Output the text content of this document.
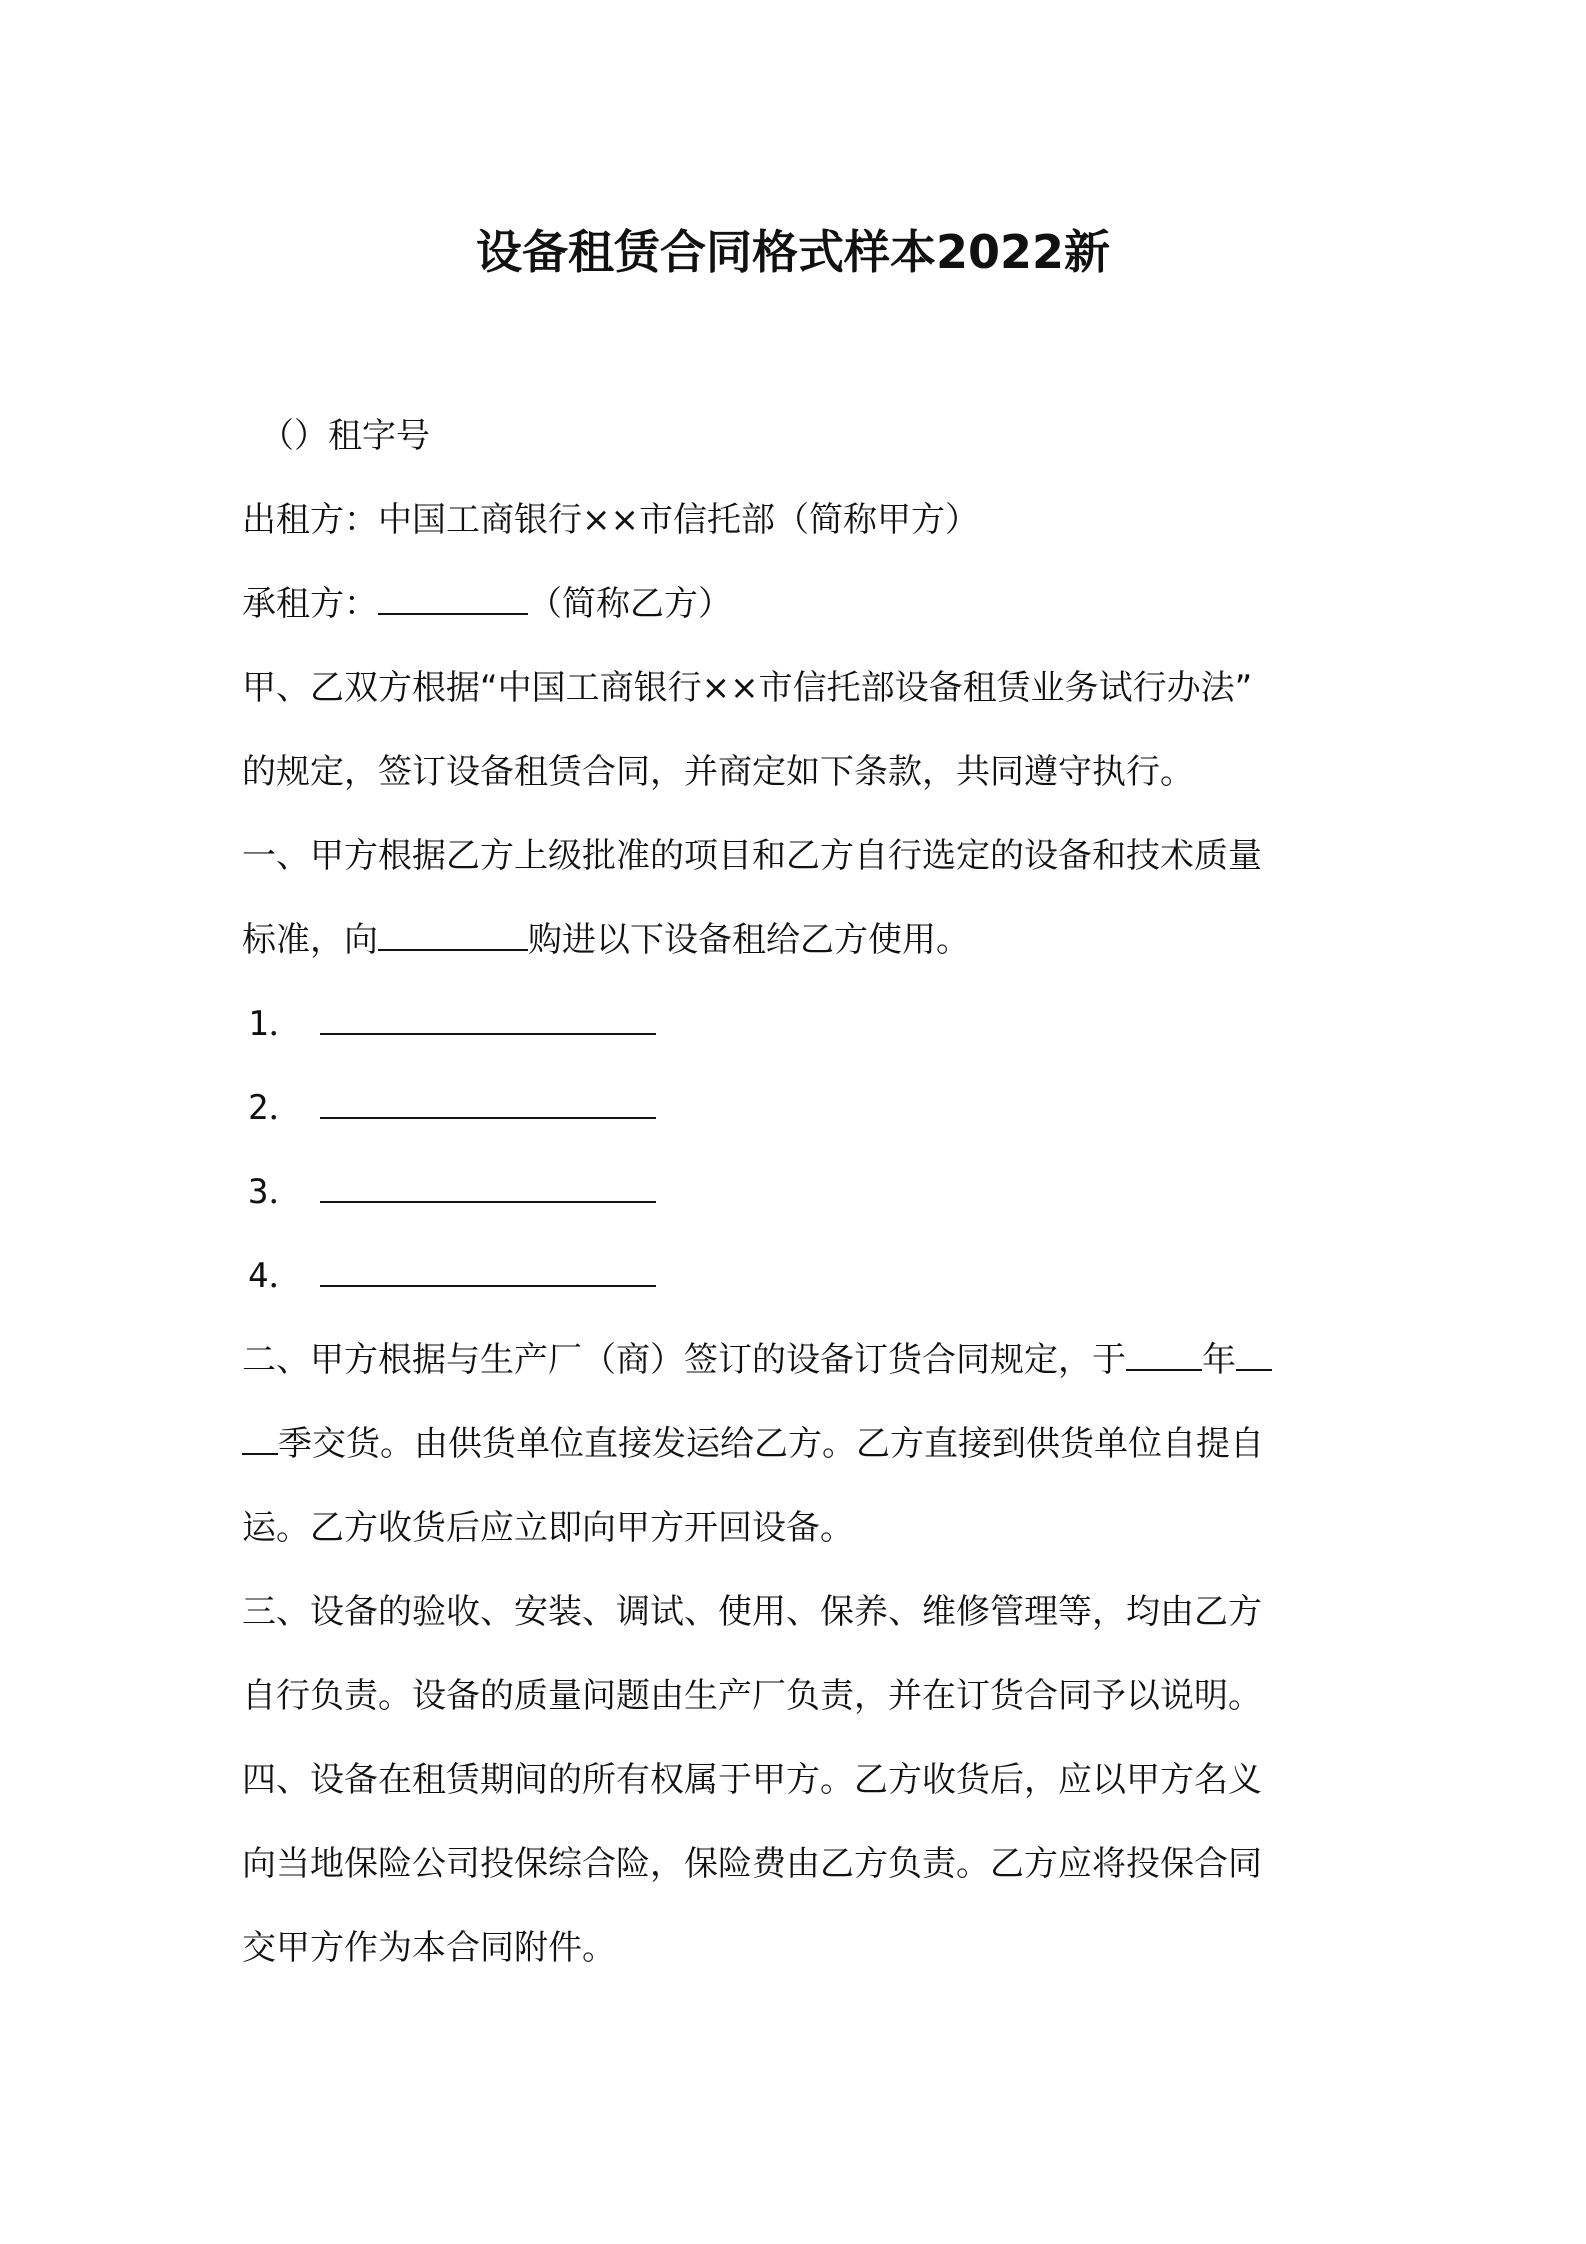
设备租赁合同格式样本2022新
（）租字号
出租方：中国工商银行××市信托部（简称甲方）
承租方：	（简称乙方）
甲、乙双方根据“中国工商银行××市信托部设备租赁业务试行办法”
的规定，签订设备租赁合同，并商定如下条款，共同遵守执行。
一、甲方根据乙方上级批准的项目和乙方自行选定的设备和技术质量
标准，向	购进以下设备租给乙方使用。
1．
2．
3．
4．
二、甲方根据与生产厂（商）签订的设备订货合同规定，于 年
季交货。由供货单位直接发运给乙方。乙方直接到供货单位自提自
运。乙方收货后应立即向甲方开回设备。
三、设备的验收、安装、调试、使用、保养、维修管理等，均由乙方
自行负责。设备的质量问题由生产厂负责，并在订货合同予以说明。
四、设备在租赁期间的所有权属于甲方。乙方收货后，应以甲方名义
向当地保险公司投保综合险，保险费由乙方负责。乙方应将投保合同
交甲方作为本合同附件。
